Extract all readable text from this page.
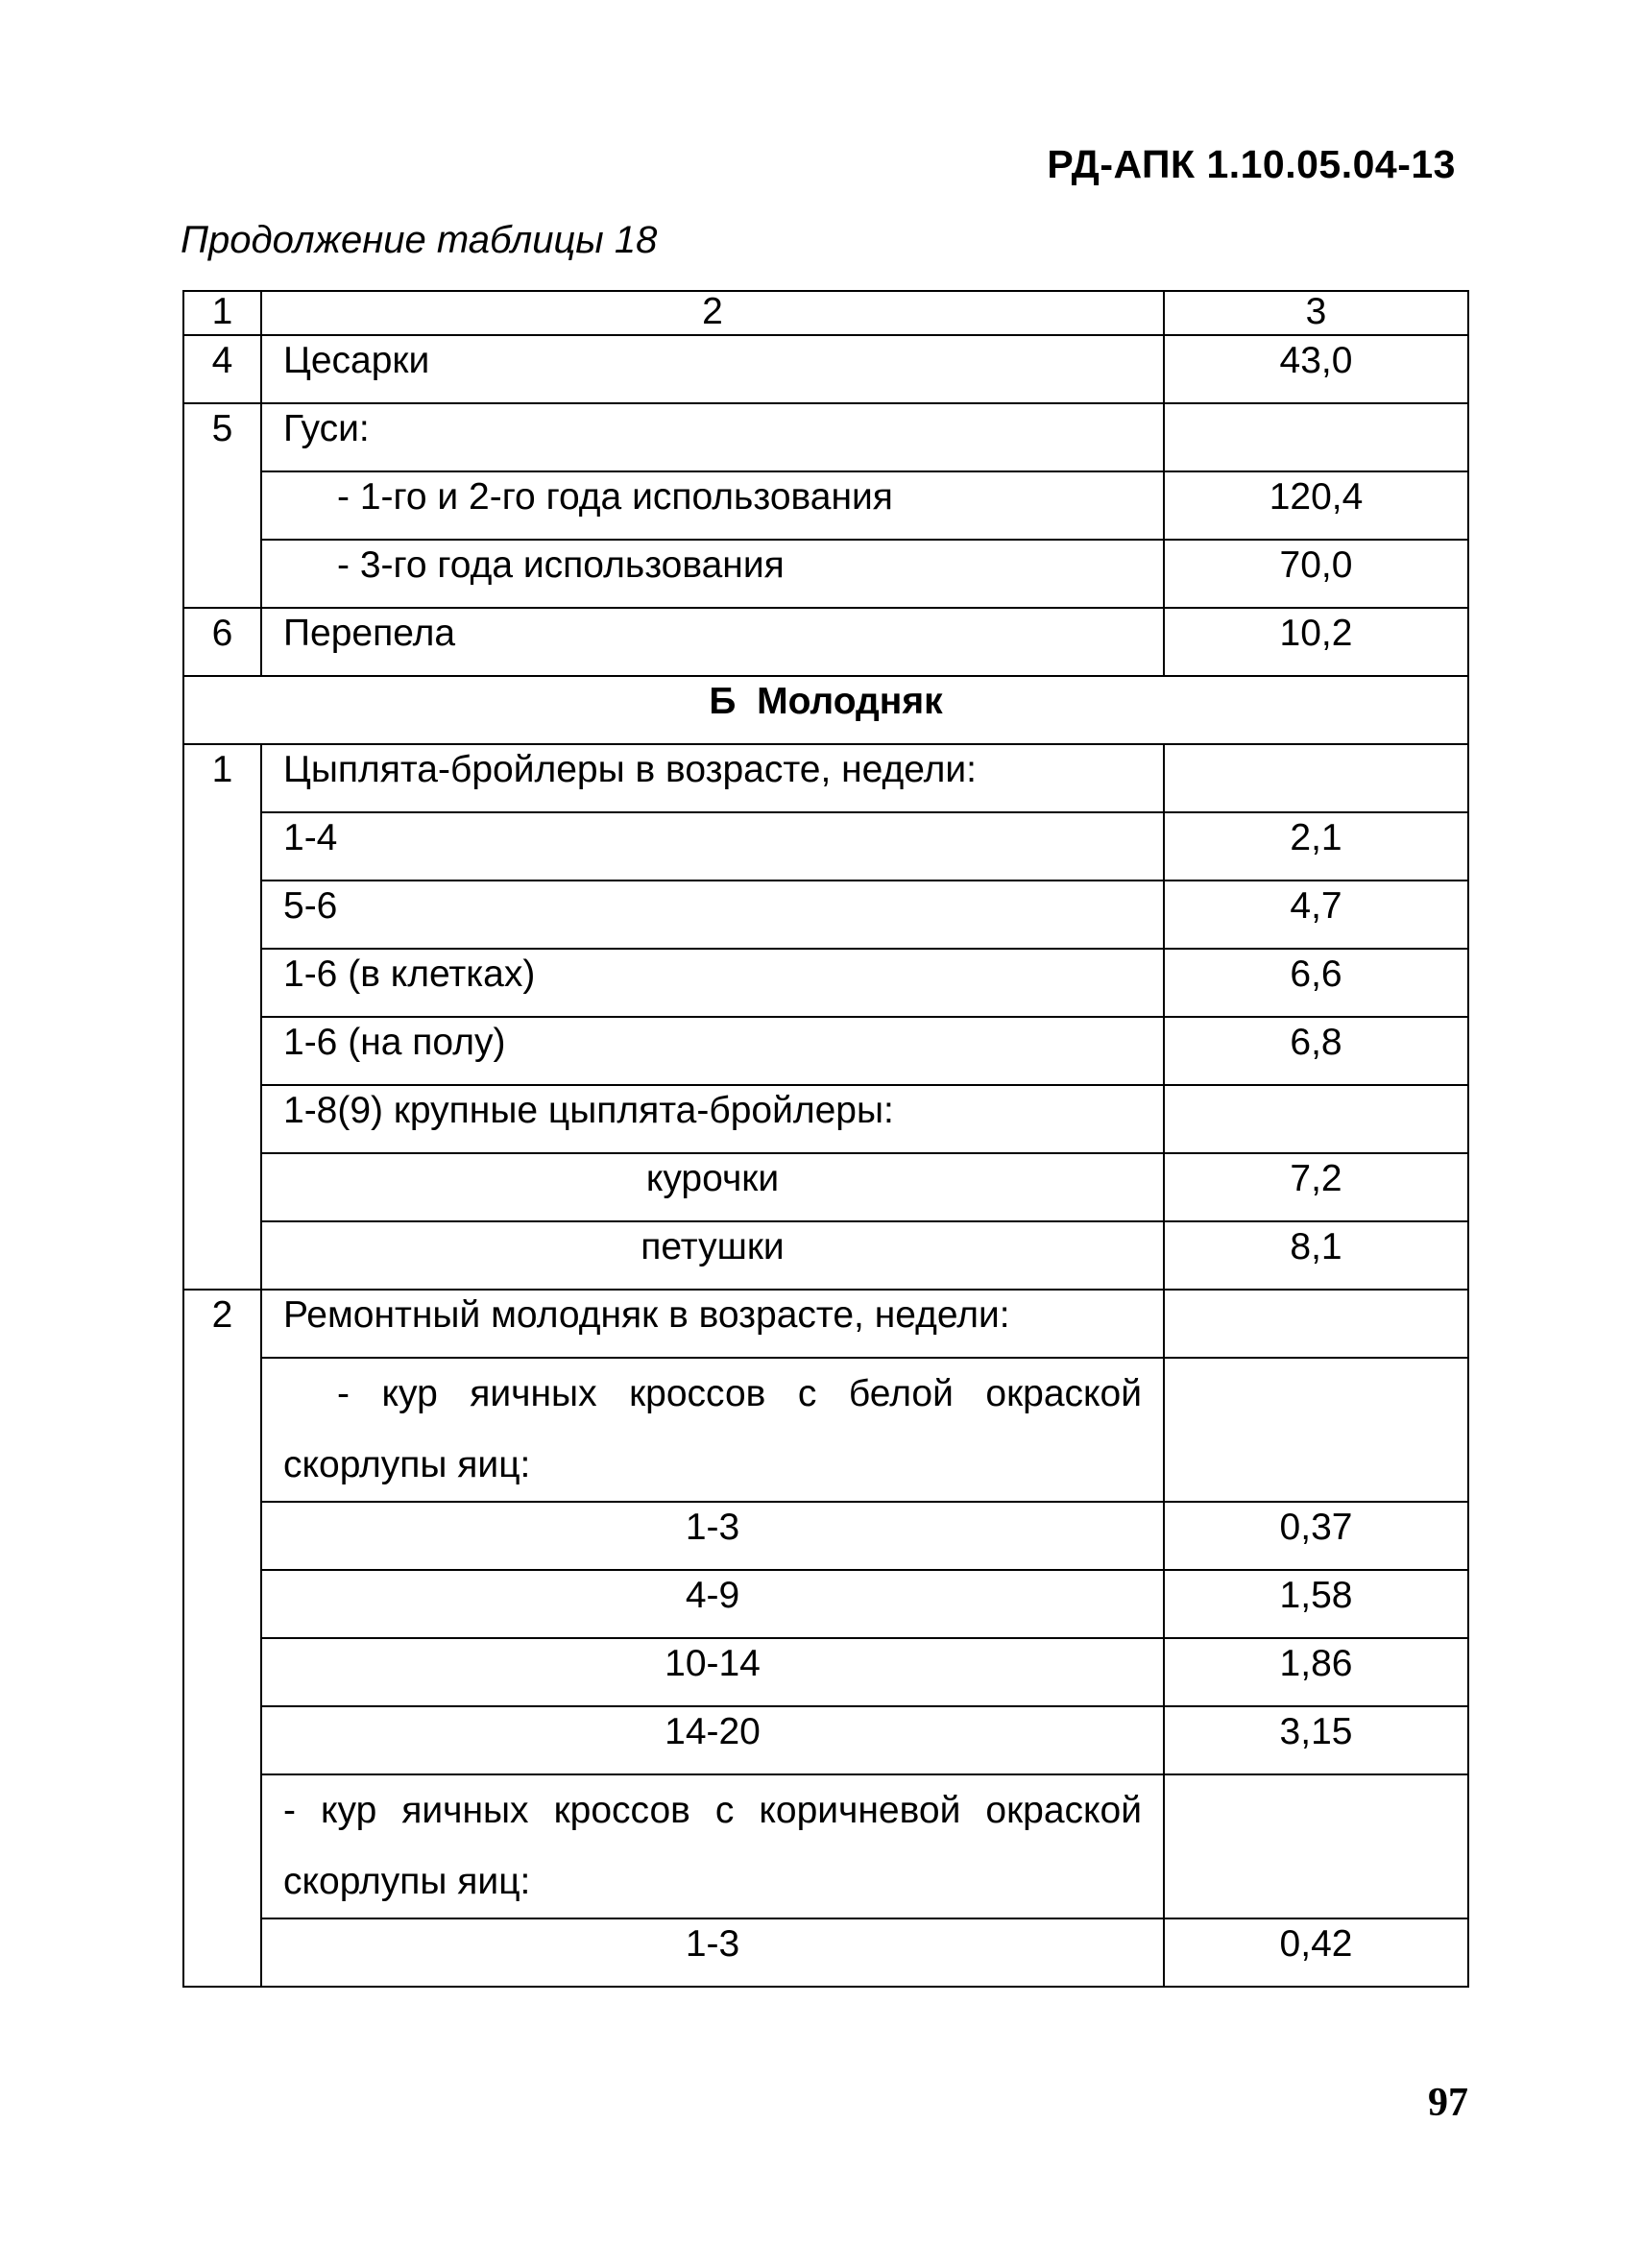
РД-АПК 1.10.05.04-13
Продолжение таблицы 18
1	2	3
4	Цесарки	43,0
5	Гуси:	
	- 1-го и 2-го года использования	120,4
	- 3-го года использования	70,0
6	Перепела	10,2
Б  Молодняк		
1	Цыплята-бройлеры в возрасте, недели:	
	1-4	2,1
	5-6	4,7
	1-6 (в клетках)	6,6
	1-6 (на полу)	6,8
	1-8(9) крупные цыплята-бройлеры:	
	курочки	7,2
	петушки	8,1
2	Ремонтный молодняк в возрасте, недели:	
	- кур яичных кроссов с белой окраской скорлупы яиц:	
	1-3	0,37
	4-9	1,58
	10-14	1,86
	14-20	3,15
	- кур яичных кроссов с коричневой окраской скорлупы яиц:	
	1-3	0,42
97
